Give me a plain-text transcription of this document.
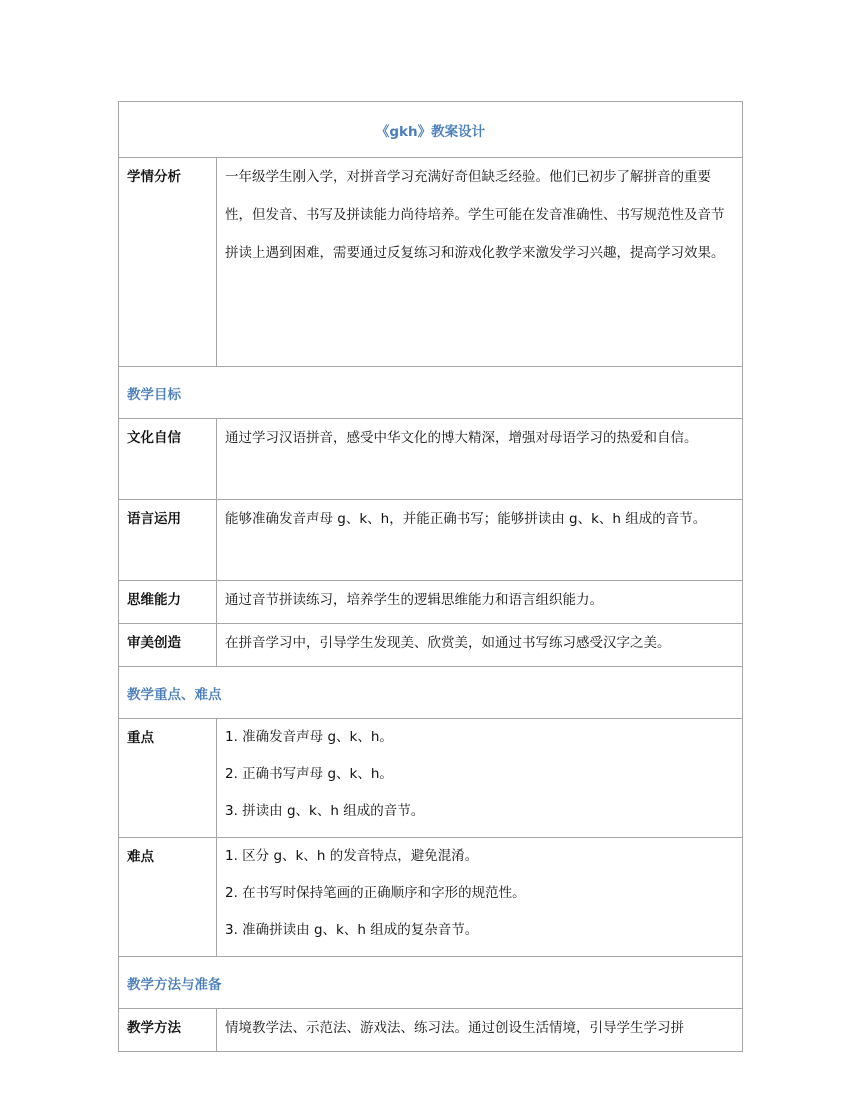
《gkh》教案设计	
学情分析	一年级学生刚入学，对拼音学习充满好奇但缺乏经验。他们已初步了解拼音的重要性，但发音、书写及拼读能力尚待培养。学生可能在发音准确性、书写规范性及音节拼读上遇到困难，需要通过反复练习和游戏化教学来激发学习兴趣，提高学习效果。

教学目标	
文化自信	通过学习汉语拼音，感受中华文化的博大精深，增强对母语学习的热爱和自信。
语言运用	能够准确发音声母 g、k、h，并能正确书写；能够拼读由 g、k、h 组成的音节。
思维能力	通过音节拼读练习，培养学生的逻辑思维能力和语言组织能力。
审美创造	在拼音学习中，引导学生发现美、欣赏美，如通过书写练习感受汉字之美。
教学重点、难点	
重点	1. 准确发音声母 g、k、h。

2. 正确书写声母 g、k、h。

3. 拼读由 g、k、h 组成的音节。

难点	1. 区分 g、k、h 的发音特点，避免混淆。

2. 在书写时保持笔画的正确顺序和字形的规范性。

3. 准确拼读由 g、k、h 组成的复杂音节。

教学方法与准备	
教学方法	情境教学法、示范法、游戏法、练习法。通过创设生活情境，引导学生学习拼
